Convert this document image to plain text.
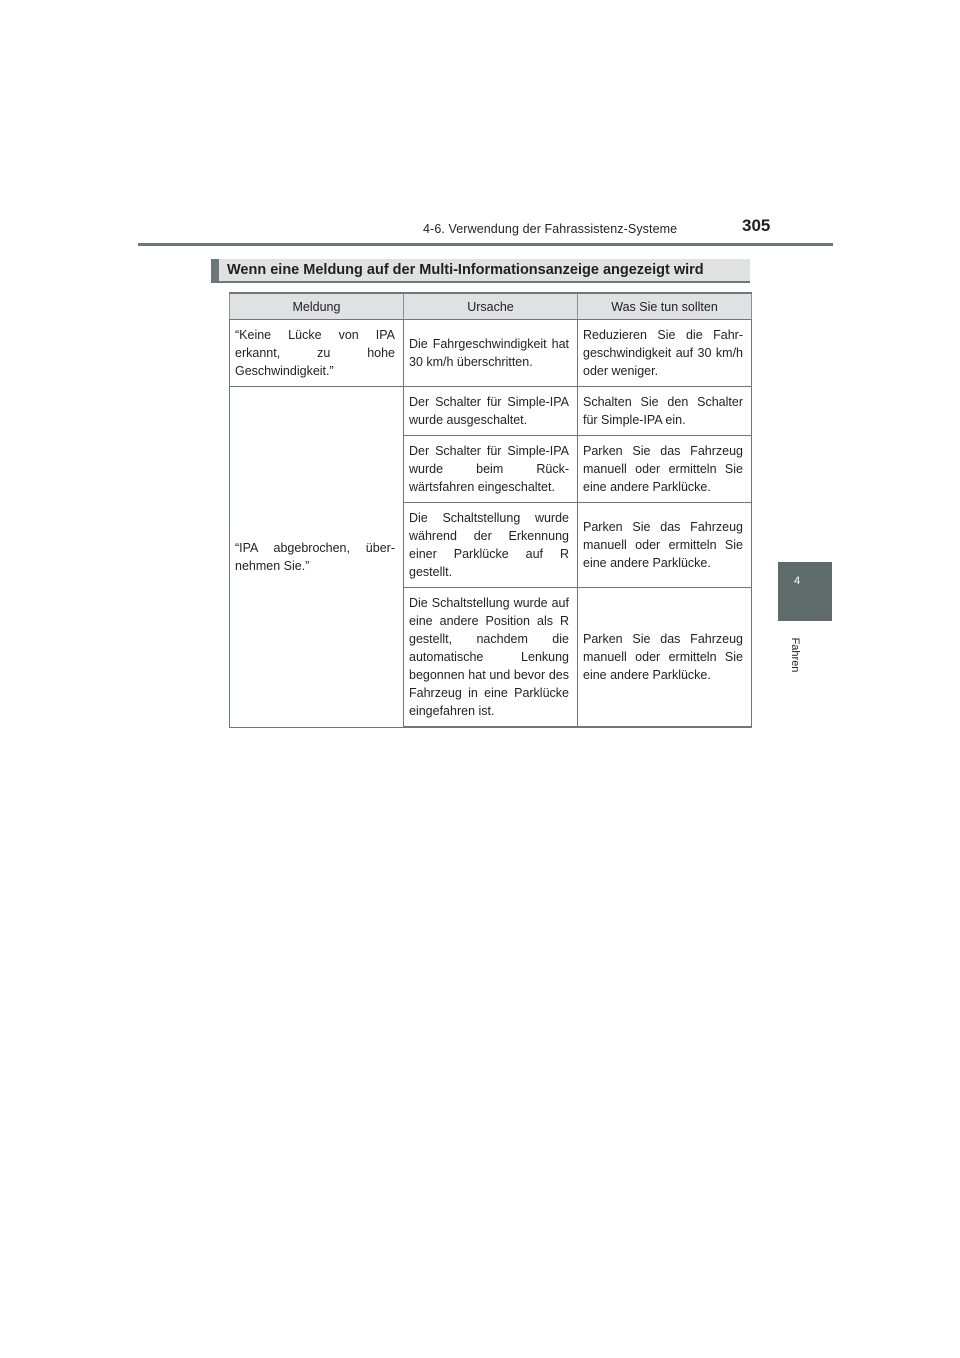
4-6. Verwendung der Fahrassistenz-Systeme	305
4
Fahren
Wenn eine Meldung auf der Multi-Informationsanzeige angezeigt wird
Meldung	Ursache	Was Sie tun sollten
“Keine Lücke von IPA erkannt, zu hohe Geschwindigkeit.”	Die Fahrgeschwindigkeit hat 30 km/h überschritten.	Reduzieren Sie die Fahr-geschwindigkeit auf 30 km/h oder weniger.
“IPA abgebrochen, über-nehmen Sie.”	Der Schalter für Simple-IPA wurde ausgeschaltet.	Schalten Sie den Schalter für Simple-IPA ein.
	Der Schalter für Simple-IPA wurde beim Rück-wärtsfahren eingeschaltet.	Parken Sie das Fahrzeug manuell oder ermitteln Sie eine andere Parklücke.
	Die Schaltstellung wurde während der Erkennung einer Parklücke auf R gestellt.	Parken Sie das Fahrzeug manuell oder ermitteln Sie eine andere Parklücke.
	Die Schaltstellung wurde auf eine andere Position als R gestellt, nachdem die automatische Lenkung begonnen hat und bevor des Fahrzeug in eine Parklücke eingefahren ist.	Parken Sie das Fahrzeug manuell oder ermitteln Sie eine andere Parklücke.
